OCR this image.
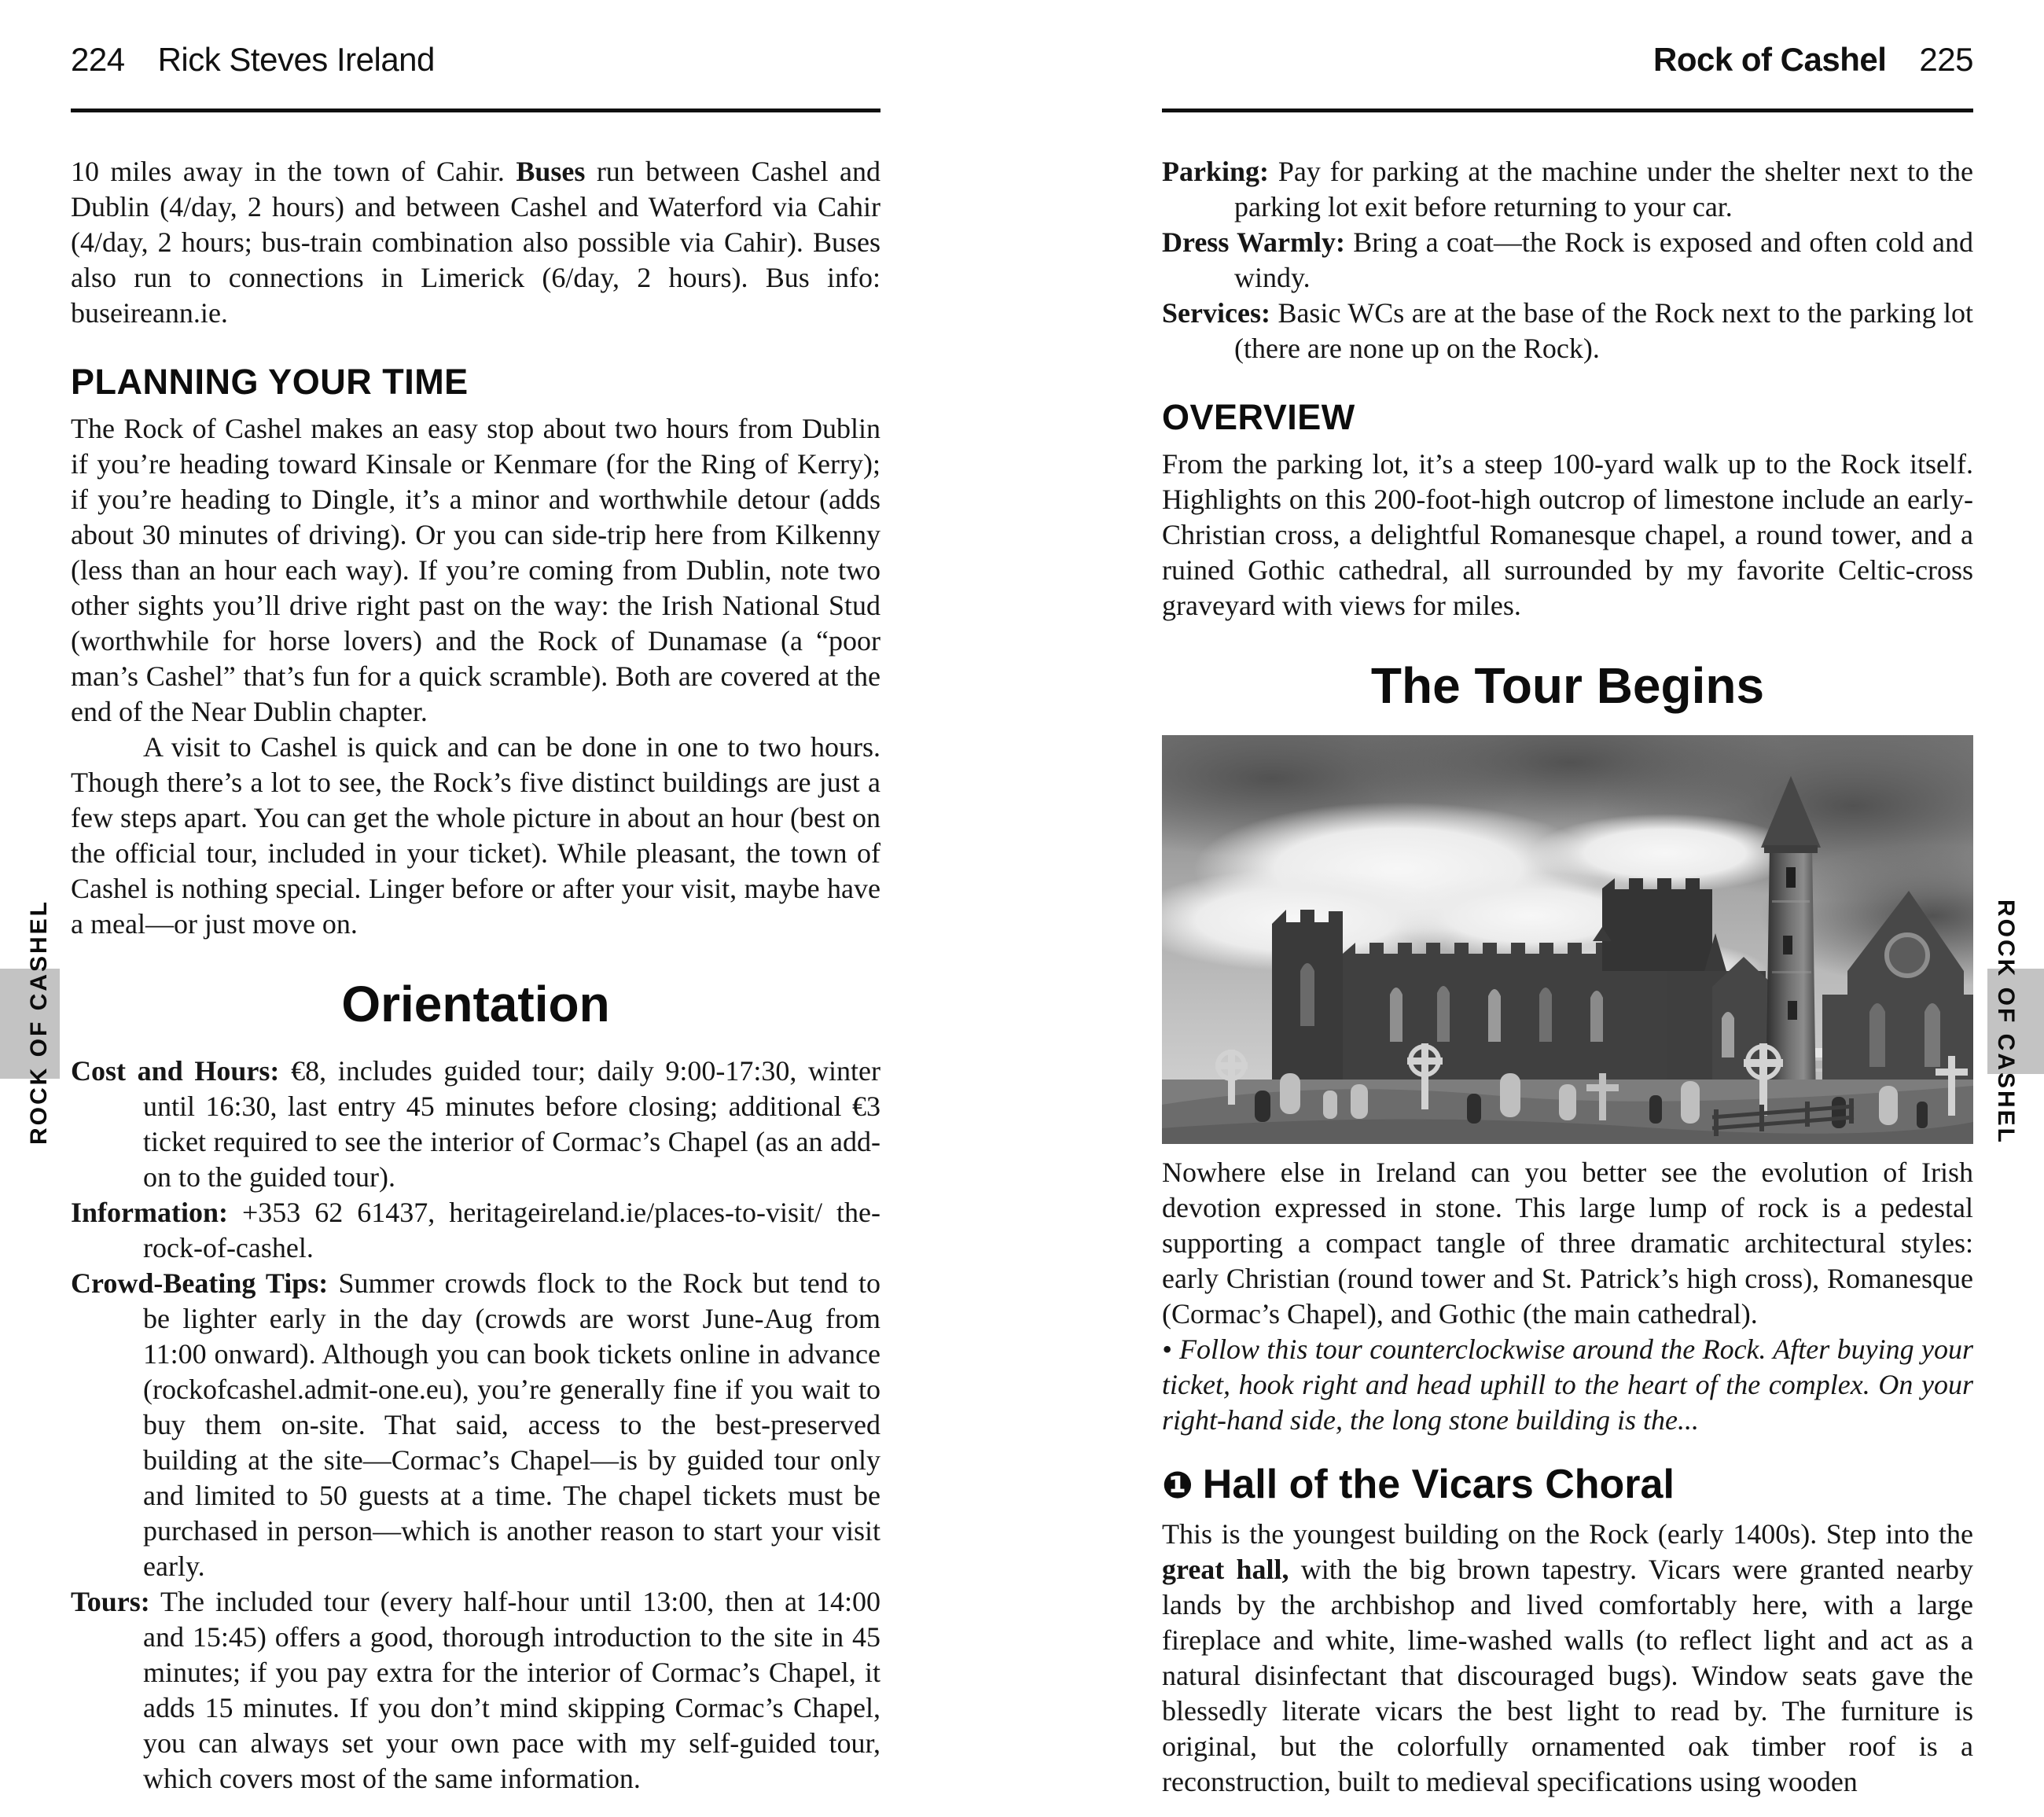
224 Rick Steves Ireland

10 miles away in the town of Cahir. Buses run between Cashel and Dublin (4/day, 2 hours) and between Cashel and Waterford via Cahir (4/day, 2 hours; bus-train combination also possible via Cahir). Buses also run to connections in Limerick (6/day, 2 hours). Bus info: buseireann.ie.

PLANNING YOUR TIME

The Rock of Cashel makes an easy stop about two hours from Dublin if you’re heading toward Kinsale or Kenmare (for the Ring of Kerry); if you’re heading to Dingle, it’s a minor and worthwhile detour (adds about 30 minutes of driving). Or you can side-trip here from Kilkenny (less than an hour each way). If you’re coming from Dublin, note two other sights you’ll drive right past on the way: the Irish National Stud (worthwhile for horse lovers) and the Rock of Dunamase (a “poor man’s Cashel” that’s fun for a quick scramble). Both are covered at the end of the Near Dublin chapter.

A visit to Cashel is quick and can be done in one to two hours. Though there’s a lot to see, the Rock’s five distinct buildings are just a few steps apart. You can get the whole picture in about an hour (best on the official tour, included in your ticket). While pleasant, the town of Cashel is nothing special. Linger before or after your visit, maybe have a meal—or just move on.

Orientation

Cost and Hours: €8, includes guided tour; daily 9:00-17:30, winter until 16:30, last entry 45 minutes before closing; additional €3 ticket required to see the interior of Cormac’s Chapel (as an add-on to the guided tour).

Information: +353 62 61437, heritageireland.ie/places-to-visit/ the-rock-of-cashel.

Crowd-Beating Tips: Summer crowds flock to the Rock but tend to be lighter early in the day (crowds are worst June-Aug from 11:00 onward). Although you can book tickets online in advance (rockofcashel.admit-one.eu), you’re generally fine if you wait to buy them on-site. That said, access to the best-preserved building at the site—Cormac’s Chapel—is by guided tour only and limited to 50 guests at a time. The chapel tickets must be purchased in person—which is another reason to start your visit early.

Tours: The included tour (every half-hour until 13:00, then at 14:00 and 15:45) offers a good, thorough introduction to the site in 45 minutes; if you pay extra for the interior of Cormac’s Chapel, it adds 15 minutes. If you don’t mind skipping Cormac’s Chapel, you can always set your own pace with my self-guided tour, which covers most of the same information.

ROCK OF CASHEL
Rock of Cashel 225

Parking: Pay for parking at the machine under the shelter next to the parking lot exit before returning to your car.

Dress Warmly: Bring a coat—the Rock is exposed and often cold and windy.

Services: Basic WCs are at the base of the Rock next to the parking lot (there are none up on the Rock).

OVERVIEW

From the parking lot, it’s a steep 100-yard walk up to the Rock itself. Highlights on this 200-foot-high outcrop of limestone include an early-Christian cross, a delightful Romanesque chapel, a round tower, and a ruined Gothic cathedral, all surrounded by my favorite Celtic-cross graveyard with views for miles.

The Tour Begins

Nowhere else in Ireland can you better see the evolution of Irish devotion expressed in stone. This large lump of rock is a pedestal supporting a compact tangle of three dramatic architectural styles: early Christian (round tower and St. Patrick’s high cross), Romanesque (Cormac’s Chapel), and Gothic (the main cathedral).

• Follow this tour counterclockwise around the Rock. After buying your ticket, hook right and head uphill to the heart of the complex. On your right-hand side, the long stone building is the...

❶ Hall of the Vicars Choral

This is the youngest building on the Rock (early 1400s). Step into the great hall, with the big brown tapestry. Vicars were granted nearby lands by the archbishop and lived comfortably here, with a large fireplace and white, lime-washed walls (to reflect light and act as a natural disinfectant that discouraged bugs). Window seats gave the blessedly literate vicars the best light to read by. The furniture is original, but the colorfully ornamented oak timber roof is a reconstruction, built to medieval specifications using wooden

ROCK OF CASHEL
